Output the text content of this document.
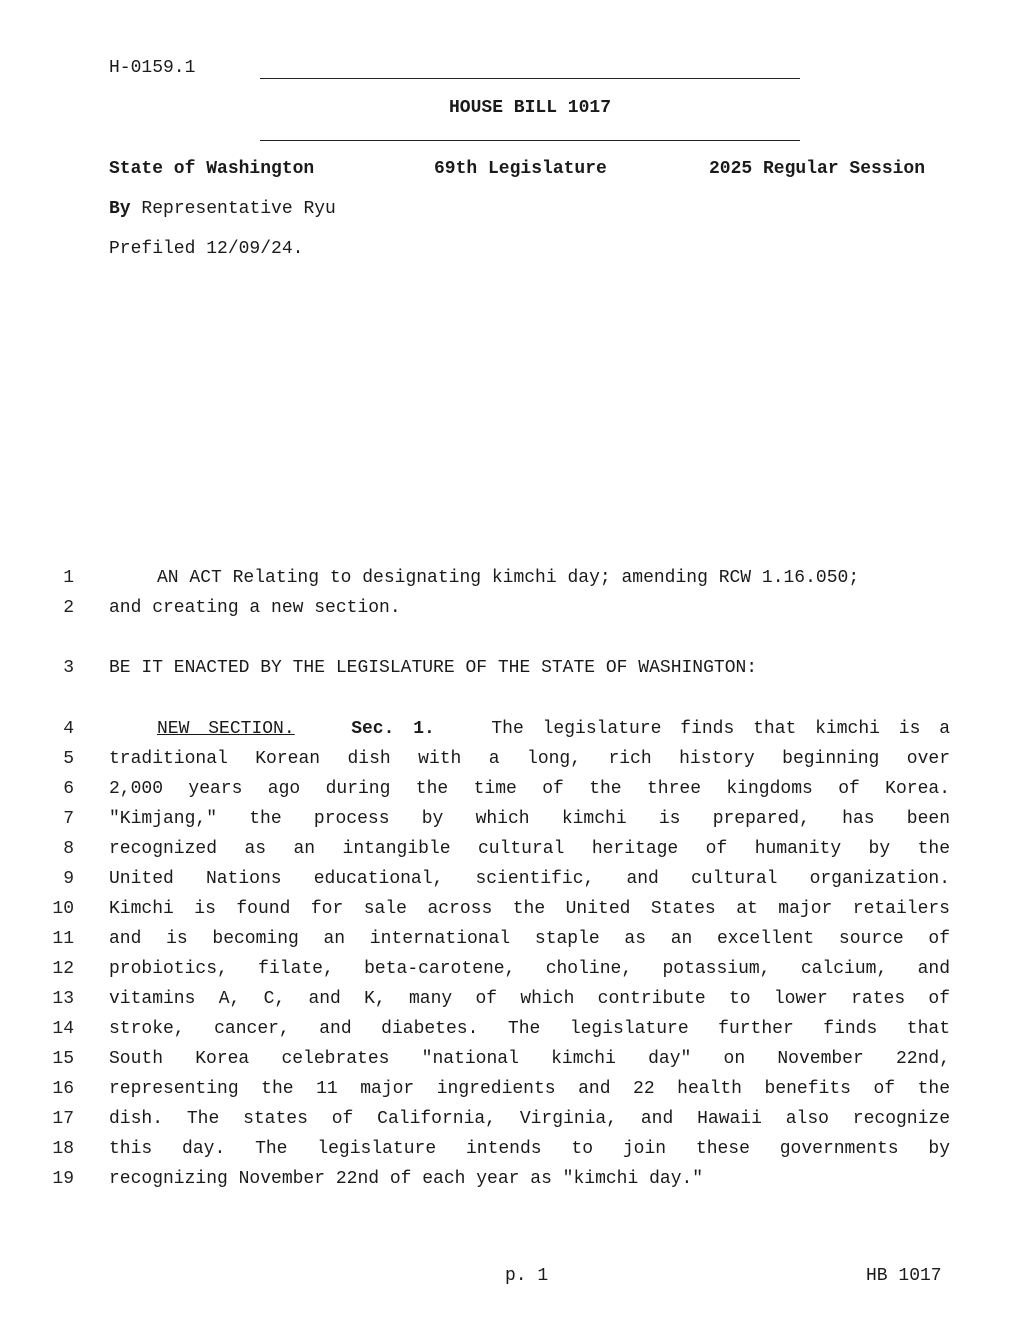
H-0159.1
HOUSE BILL 1017
State of Washington	69th Legislature	2025 Regular Session
By Representative Ryu
Prefiled 12/09/24.
1	AN ACT Relating to designating kimchi day; amending RCW 1.16.050;
2 and creating a new section.
3 BE IT ENACTED BY THE LEGISLATURE OF THE STATE OF WASHINGTON:
4	NEW SECTION.	Sec. 1.	The legislature finds that kimchi is a
5 traditional Korean dish with a long, rich history beginning over
6 2,000 years ago during the time of the three kingdoms of Korea.
7 "Kimjang," the process by which kimchi is prepared, has been
8 recognized as an intangible cultural heritage of humanity by the
9 United Nations educational, scientific, and cultural organization.
10 Kimchi is found for sale across the United States at major retailers
11 and is becoming an international staple as an excellent source of
12 probiotics, filate, beta-carotene, choline, potassium, calcium, and
13 vitamins A, C, and K, many of which contribute to lower rates of
14 stroke, cancer, and diabetes. The legislature further finds that
15 South Korea celebrates "national kimchi day" on November 22nd,
16 representing the 11 major ingredients and 22 health benefits of the
17 dish. The states of California, Virginia, and Hawaii also recognize
18 this day. The legislature intends to join these governments by
19 recognizing November 22nd of each year as "kimchi day."
p. 1	HB 1017
